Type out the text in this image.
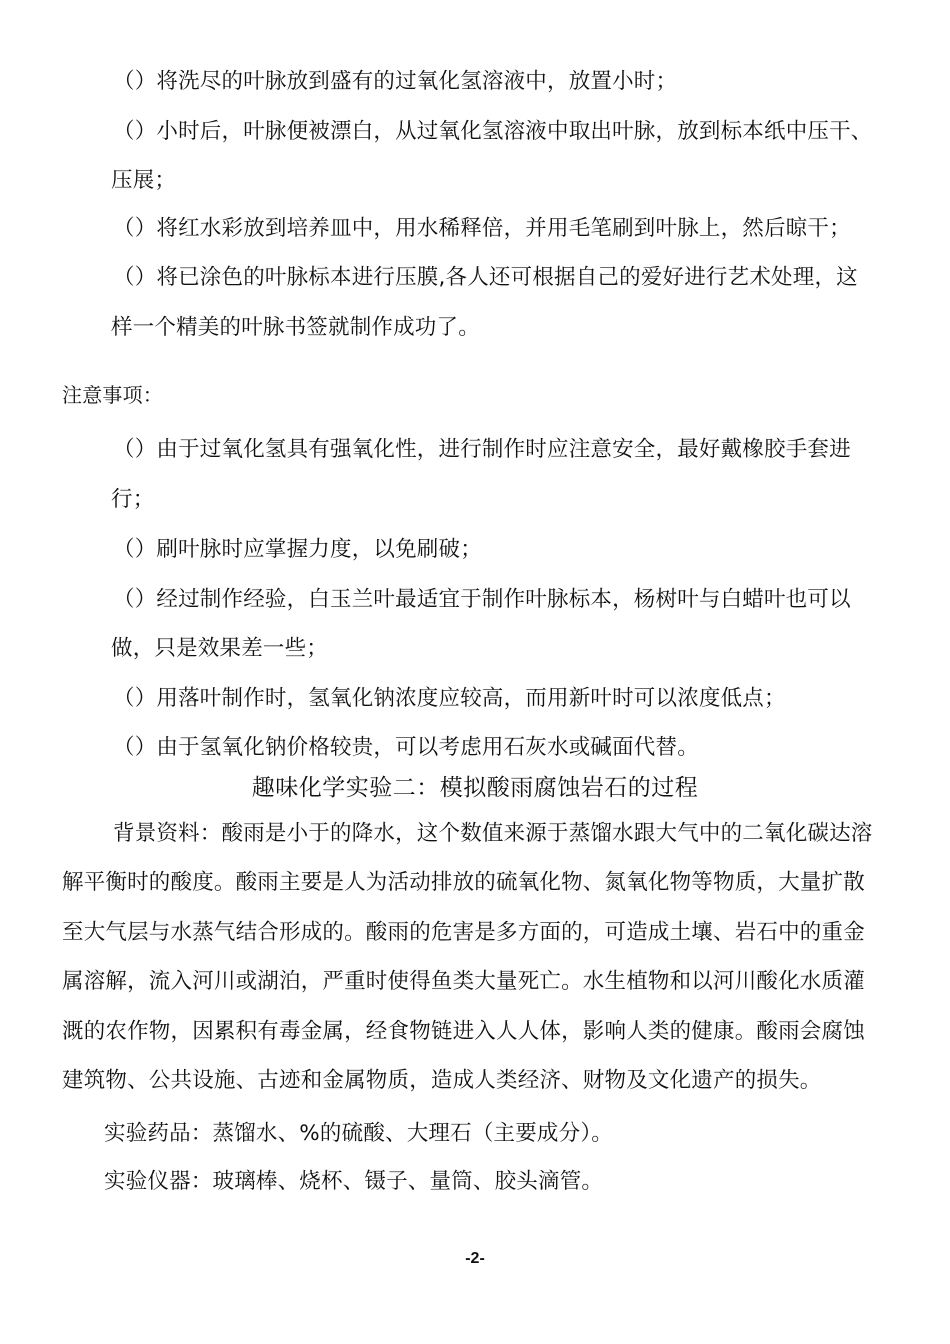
（）将洗尽的叶脉放到盛有的过氧化氢溶液中，放置小时；
（）小时后，叶脉便被漂白，从过氧化氢溶液中取出叶脉，放到标本纸中压干、
压展；
（）将红水彩放到培养皿中，用水稀释倍，并用毛笔刷到叶脉上，然后晾干；
（）将已涂色的叶脉标本进行压膜,各人还可根据自己的爱好进行艺术处理，这
样一个精美的叶脉书签就制作成功了。
注意事项：
（）由于过氧化氢具有强氧化性，进行制作时应注意安全，最好戴橡胶手套进
行；
（）刷叶脉时应掌握力度，以免刷破；
（）经过制作经验，白玉兰叶最适宜于制作叶脉标本，杨树叶与白蜡叶也可以
做，只是效果差一些；
（）用落叶制作时，氢氧化钠浓度应较高，而用新叶时可以浓度低点；
（）由于氢氧化钠价格较贵，可以考虑用石灰水或碱面代替。
趣味化学实验二：模拟酸雨腐蚀岩石的过程
背景资料：酸雨是小于的降水，这个数值来源于蒸馏水跟大气中的二氧化碳达溶
解平衡时的酸度。酸雨主要是人为活动排放的硫氧化物、氮氧化物等物质，大量扩散
至大气层与水蒸气结合形成的。酸雨的危害是多方面的，可造成土壤、岩石中的重金
属溶解，流入河川或湖泊，严重时使得鱼类大量死亡。水生植物和以河川酸化水质灌
溉的农作物，因累积有毒金属，经食物链进入人人体，影响人类的健康。酸雨会腐蚀
建筑物、公共设施、古迹和金属物质，造成人类经济、财物及文化遗产的损失。
实验药品：蒸馏水、%的硫酸、大理石（主要成分）。
实验仪器：玻璃棒、烧杯、镊子、量筒、胶头滴管。
-2-
